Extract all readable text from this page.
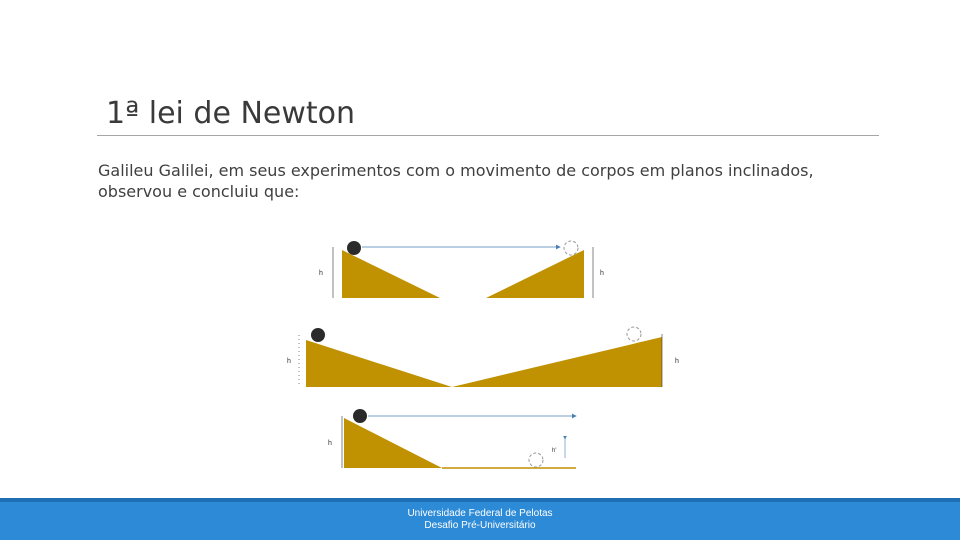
1ª lei de Newton
Galileu Galilei, em seus experimentos com o movimento de corpos em planos inclinados, observou e concluiu que:
h	h
h	h
h
h'
Universidade Federal de Pelotas
Desafio Pré-Universitário
